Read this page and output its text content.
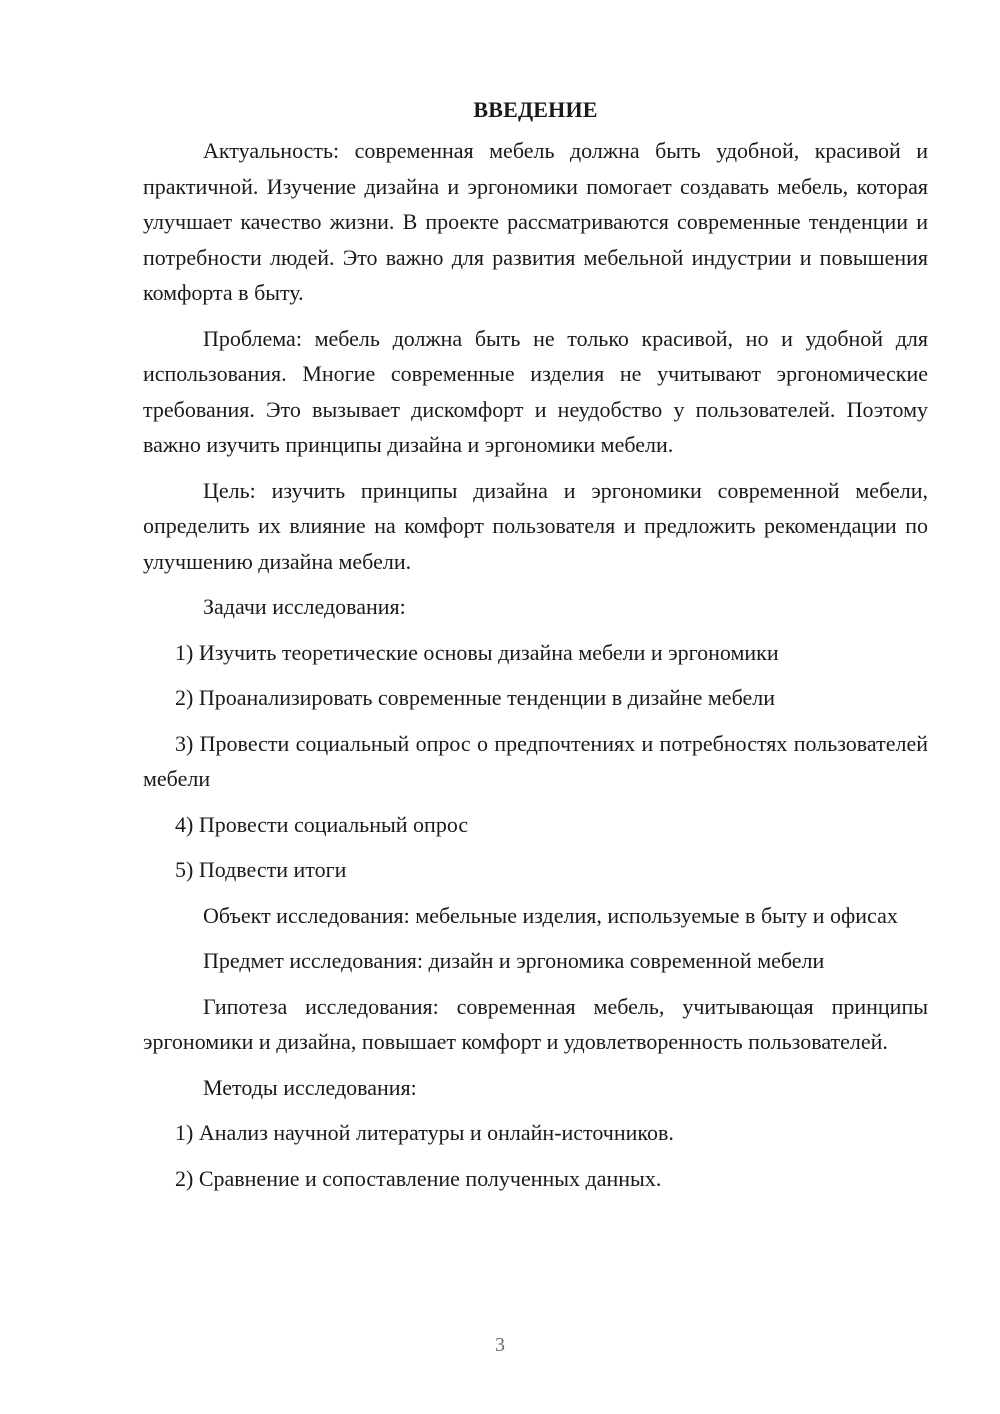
ВВЕДЕНИЕ

Актуальность: современная мебель должна быть удобной, красивой и практичной. Изучение дизайна и эргономики помогает создавать мебель, которая улучшает качество жизни. В проекте рассматриваются современные тенденции и потребности людей. Это важно для развития мебельной индустрии и повышения комфорта в быту.

Проблема: мебель должна быть не только красивой, но и удобной для использования. Многие современные изделия не учитывают эргономические требования. Это вызывает дискомфорт и неудобство у пользователей. Поэтому важно изучить принципы дизайна и эргономики мебели.

Цель: изучить принципы дизайна и эргономики современной мебели, определить их влияние на комфорт пользователя и предложить рекомендации по улучшению дизайна мебели.

Задачи исследования:

1) Изучить теоретические основы дизайна мебели и эргономики

2) Проанализировать современные тенденции в дизайне мебели

3) Провести социальный опрос о предпочтениях и потребностях пользователей мебели

4) Провести социальный опрос

5) Подвести итоги

Объект исследования: мебельные изделия, используемые в быту и офисах

Предмет исследования: дизайн и эргономика современной мебели

Гипотеза исследования: современная мебель, учитывающая принципы эргономики и дизайна, повышает комфорт и удовлетворенность пользователей.

Методы исследования:

1) Анализ научной литературы и онлайн-источников.

2) Сравнение и сопоставление полученных данных.

3
